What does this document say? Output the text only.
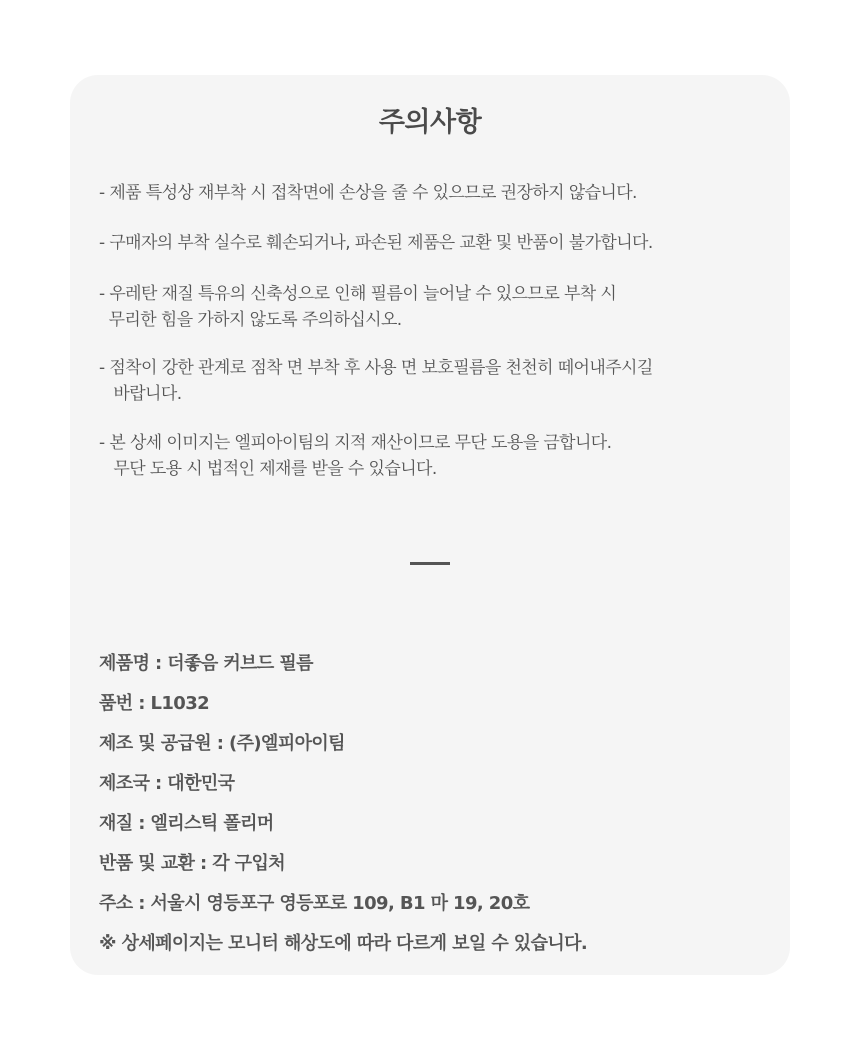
주의사항
- 제품 특성상 재부착 시 접착면에 손상을 줄 수 있으므로 권장하지 않습니다.
- 구매자의 부착 실수로 훼손되거나, 파손된 제품은 교환 및 반품이 불가합니다.
- 우레탄 재질 특유의 신축성으로 인해 필름이 늘어날 수 있으므로 부착 시
무리한 힘을 가하지 않도록 주의하십시오.
- 점착이 강한 관계로 점착 면 부착 후 사용 면 보호필름을 천천히 떼어내주시길
바랍니다.
- 본 상세 이미지는 엘피아이팀의 지적 재산이므로 무단 도용을 금합니다.
무단 도용 시 법적인 제재를 받을 수 있습니다.
제품명 : 더좋음 커브드 필름
품번 : L1032
제조 및 공급원 : (주)엘피아이팀
제조국 : 대한민국
재질 : 엘리스틱 폴리머
반품 및 교환 : 각 구입처
주소 : 서울시 영등포구 영등포로 109, B1 마 19, 20호
※ 상세페이지는 모니터 해상도에 따라 다르게 보일 수 있습니다.
